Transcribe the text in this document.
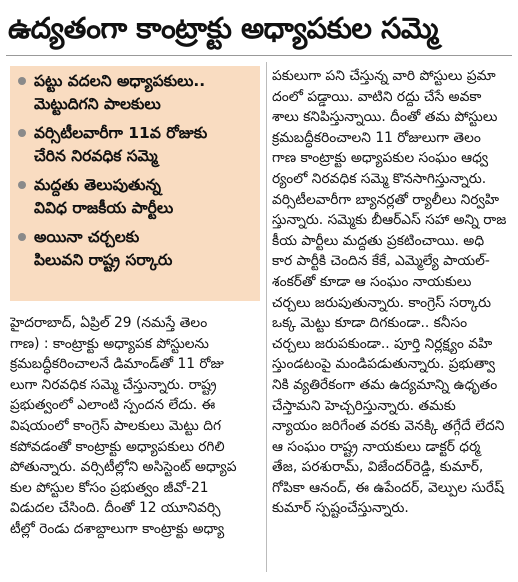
ఉద్యతంగా కాంట్రాక్టు అధ్యాపకుల సమ్మె
పట్టు వదలని అధ్యాపకులు..
మెట్టుదిగని పాలకులు
వర్సిటీలవారీగా 11వ రోజుకు
చేరిన నిరవధిక సమ్మె
మద్దతు తెలుపుతున్న
వివిధ రాజకీయ పార్టీలు
అయినా చర్చలకు
పిలువని రాష్ట్ర సర్కారు
హైదరాబాద్, ఏప్రిల్ 29 (నమస్తే తెలం
గాణ) : కాంట్రాక్టు అధ్యాపక పోస్టులను
క్రమబద్ధీకరించాలనే డిమాండ్‌తో 11 రోజు
లుగా నిరవధిక సమ్మె చేస్తున్నారు. రాష్ట్ర
ప్రభుత్వంలో ఎలాంటి స్పందన లేదు. ఈ
విషయంలో కాంగ్రెస్ పాలకులు మెట్టు దిగ
కపోవడంతో కాంట్రాక్టు అధ్యాపకులు రగిలి
పోతున్నారు. వర్సిటీల్లోని అసిస్టెంట్ అధ్యాప
కుల పోస్టుల కోసం ప్రభుత్వం జీవో-21
విడుదల చేసింది. దీంతో 12 యూనివర్సి
టీల్లో రెండు దశాబ్దాలుగా కాంట్రాక్టు అధ్యా
పకులుగా పని చేస్తున్న వారి పోస్టులు ప్రమా
దంలో పడ్డాయి. వాటిని రద్దు చేసే అవకా
శాలు కనిపిస్తున్నాయి. దీంతో తమ పోస్టులు
క్రమబద్ధీకరించాలని 11 రోజులుగా తెలం
గాణ కాంట్రాక్టు అధ్యాపకుల సంఘం ఆధ్వ
ర్యంలో నిరవధిక సమ్మె కొనసాగిస్తున్నారు.
వర్సిటీలవారీగా బ్యానర్లతో ర్యాలీలు నిర్వహి
స్తున్నారు. సమ్మెకు బీఆర్‌ఎస్ సహా అన్ని రాజ
కీయ పార్టీలు మద్దతు ప్రకటించాయి. అధి
కార పార్టీకి చెందిన కేకే, ఎమ్మెల్యే పాయల్‌-
శంకర్‌తో కూడా ఆ సంఘం నాయకులు
చర్చలు జరుపుతున్నారు. కాంగ్రెస్ సర్కారు
ఒక్క మెట్టు కూడా దిగకుండా.. కనీసం
చర్చలు జరుపకుండా.. పూర్తి నిర్లక్ష్యం వహి
స్తుండటంపై మండిపడుతున్నారు. ప్రభుత్వా
నికి వ్యతిరేకంగా తమ ఉద్యమాన్ని ఉధృతం
చేస్తామని హెచ్చరిస్తున్నారు. తమకు
న్యాయం జరిగేంత వరకు వెనక్కి తగ్గేదే లేదని
ఆ సంఘం రాష్ట్ర నాయకులు డాక్టర్ ధర్మ
తేజ, పరశురామ్, విజేందర్‌రెడ్డి, కుమార్,
గోపికా ఆనంద్, ఈ ఉపేందర్, వెల్పుల సురేష్
కుమార్ స్పష్టంచేస్తున్నారు.
